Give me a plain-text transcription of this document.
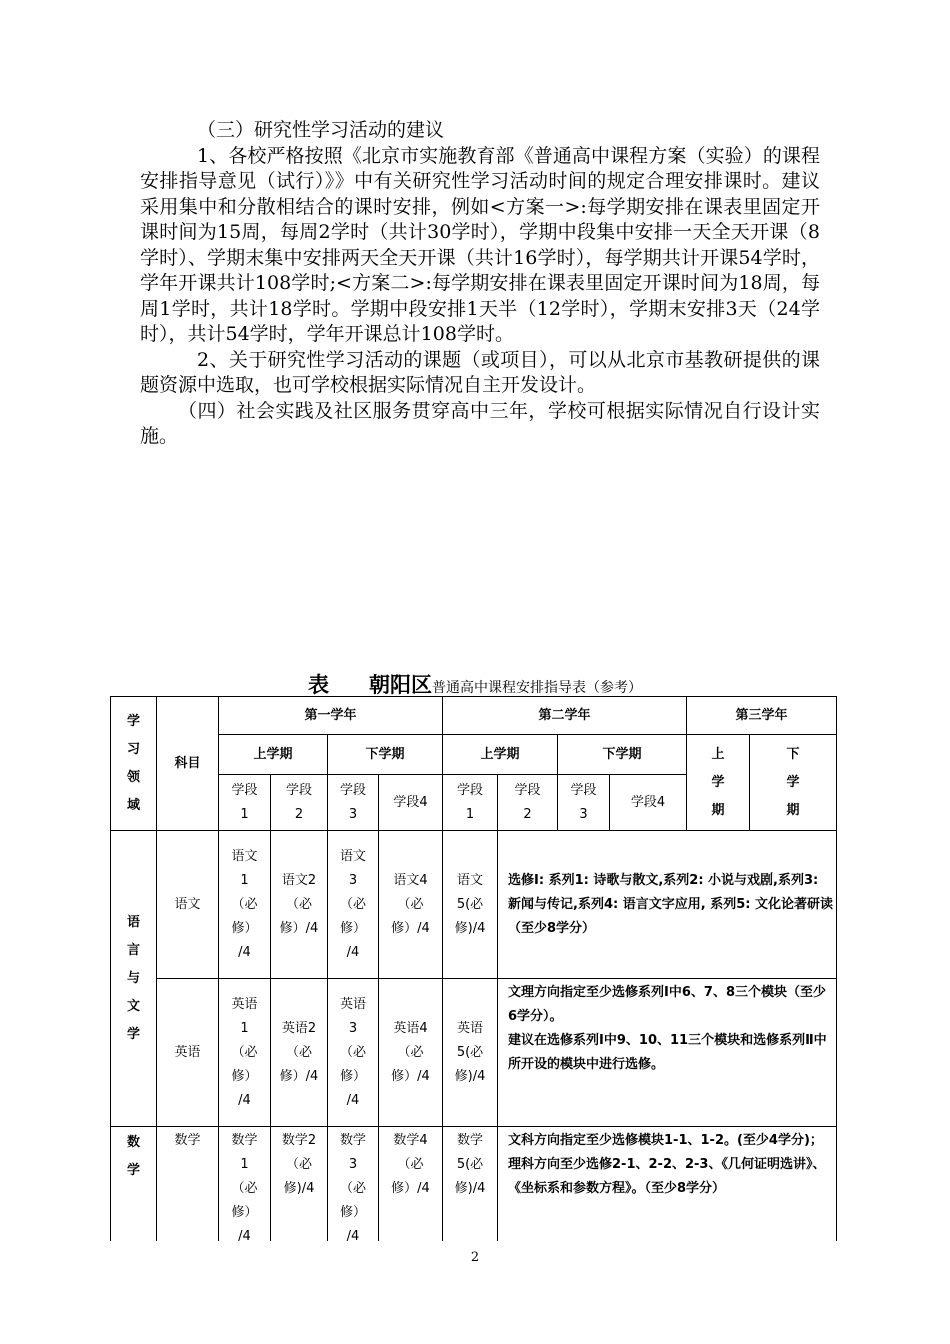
（三）研究性学习活动的建议

1、各校严格按照《北京市实施教育部《普通高中课程方案（实验）的课程安排指导意见（试行）》》中有关研究性学习活动时间的规定合理安排课时。建议采用集中和分散相结合的课时安排，例如<方案一>:每学期安排在课表里固定开课时间为15周，每周2学时（共计30学时），学期中段集中安排一天全天开课（8学时）、学期末集中安排两天全天开课（共计16学时），每学期共计开课54学时，学年开课共计108学时;<方案二>:每学期安排在课表里固定开课时间为18周，每周1学时，共计18学时。学期中段安排1天半（12学时），学期末安排3天（24学时），共计54学时，学年开课总计108学时。

2、关于研究性学习活动的课题（或项目），可以从北京市基教研提供的课题资源中选取，也可学校根据实际情况自主开发设计。

（四）社会实践及社区服务贯穿高中三年，学校可根据实际情况自行设计实施。

表 朝阳区普通高中课程安排指导表（参考）
学习领域	科目	第一学年				第二学年				第三学年	
		上学期		下学期		上学期		下学期		上学期	下学期
		学段1	学段2	学段3	学段4	学段1	学段2	学段3	学段4		
语言与文学	语文	语文1（必修）/4	语文2（必修）/4	语文3（必修）/4	语文4（必修）/4	语文5(必修)/4	选修Ⅰ: 系列1: 诗歌与散文,系列2: 小说与戏剧,系列3: 新闻与传记,系列4: 语言文字应用, 系列5: 文化论著研读（至少8学分）				
	英语	英语1（必修）/4	英语2（必修）/4	英语3（必修）/4	英语4（必修）/4	英语5(必修)/4	文理方向指定至少选修系列Ⅰ中6、7、8三个模块（至少6学分）。
建议在选修系列Ⅰ中9、10、11三个模块和选修系列Ⅱ中所开设的模块中进行选修。				

数学	数学	数学1（必修）/4	数学2（必修)/4	数学3（必修）/4	数学4（必修）/4	数学5(必修)/4	文科方向指定至少选修模块1-1、1-2。(至少4学分)；理科方向至少选修2-1、2-2、2-3、《几何证明选讲》、《坐标系和参数方程》。（至少8学分）				
2
